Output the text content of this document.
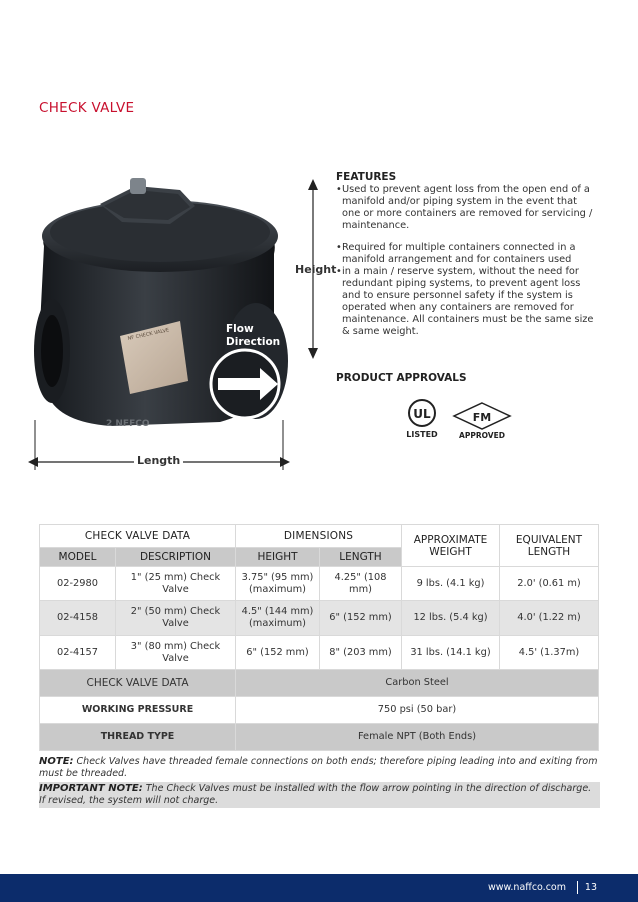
CHECK VALVE
NF CHECK VALVE
2 NFFCO
Flow
Direction
Height
Length
FEATURES
• Used to prevent agent loss from the open end of a manifold and/or piping system in the event that one or more containers are removed for servicing / maintenance.
• Required for multiple containers connected in a manifold arrangement and for containers used
• in a main / reserve system, without the need for redundant piping systems, to prevent agent loss and to ensure personnel safety if the system is operated when any containers are removed for maintenance. All containers must be the same size & same weight.
PRODUCT APPROVALS
UL
LISTED
FM
APPROVED
CHECK VALVE DATA		DIMENSIONS		APPROXIMATE WEIGHT	EQUIVALENT LENGTH
MODEL	DESCRIPTION	HEIGHT	LENGTH		
02-2980	1" (25 mm) Check Valve	3.75" (95 mm) (maximum)	4.25" (108 mm)	9 lbs. (4.1 kg)	2.0' (0.61 m)
02-4158	2" (50 mm) Check Valve	4.5" (144 mm) (maximum)	6" (152 mm)	12 lbs. (5.4 kg)	4.0' (1.22 m)
02-4157	3" (80 mm) Check Valve	6" (152 mm)	8" (203 mm)	31 lbs. (14.1 kg)	4.5' (1.37m)
CHECK VALVE DATA		Carbon Steel			
WORKING PRESSURE		750 psi (50 bar)			
THREAD TYPE		Female NPT (Both Ends)			
NOTE: Check Valves have threaded female connections on both ends; therefore piping leading into and exiting from must be threaded.
IMPORTANT NOTE: The Check Valves must be installed with the flow arrow pointing in the direction of discharge. If revised, the system will not charge.
www.naffco.com 13
